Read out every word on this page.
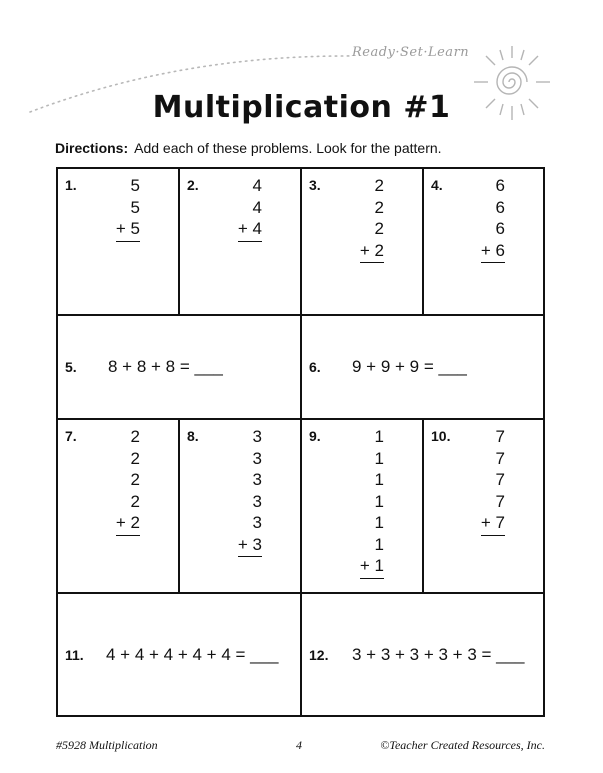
Ready·Set·Learn
Multiplication #1
Directions: Add each of these problems. Look for the pattern.
1.	5
5
+ 5
2.	4
4
+ 4
3.	2
2
2
+ 2
4.	6
6
6
+ 6
5. 8 + 8 + 8 = ___	6. 9 + 9 + 9 = ___
7.	2
2
2
2
+ 2
8.	3
3
3
3
3
+ 3
9.	1
1
1
1
1
1
+ 1
10.	7
7
7
7
+ 7
11. 4 + 4 + 4 + 4 + 4 = ___ 12. 3 + 3 + 3 + 3 + 3 = ___
#5928 Multiplication	4	©Teacher Created Resources, Inc.
